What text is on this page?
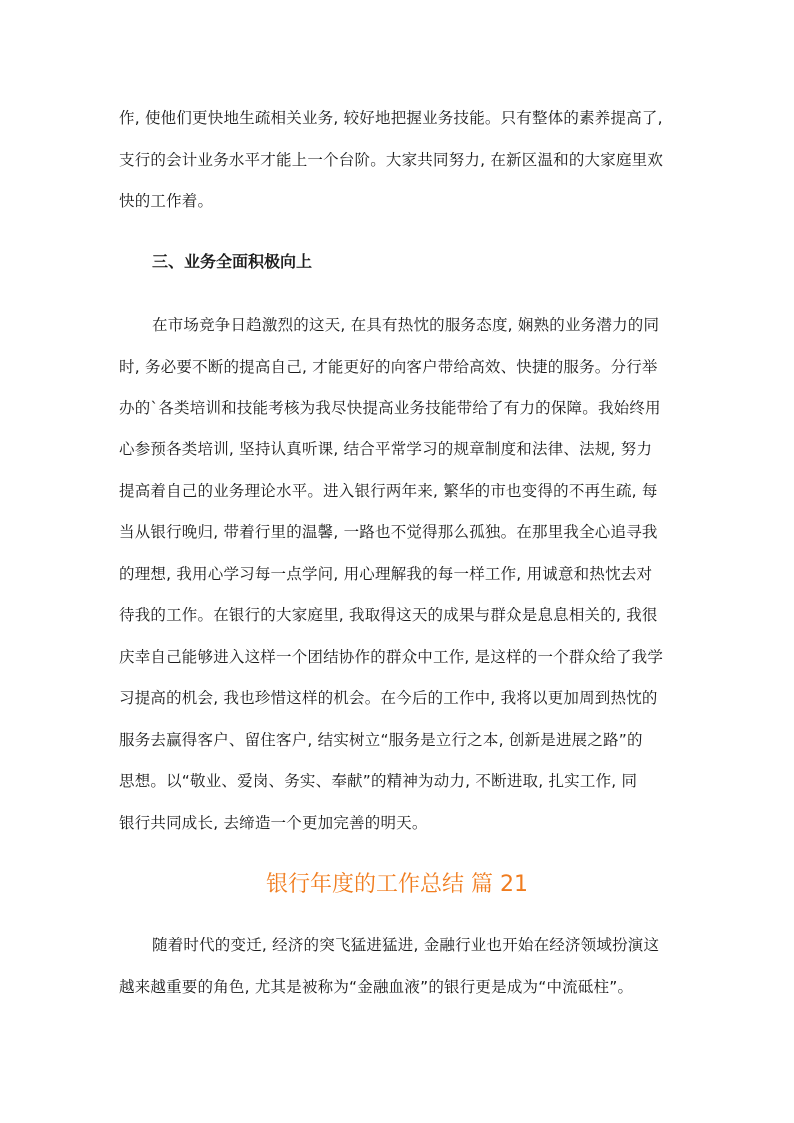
作, 使他们更快地生疏相关业务, 较好地把握业务技能。只有整体的素养提高了,
支行的会计业务水平才能上一个台阶。大家共同努力, 在新区温和的大家庭里欢
快的工作着。
三、业务全面积极向上
在市场竞争日趋激烈的这天, 在具有热忱的服务态度, 娴熟的业务潜力的同
时, 务必要不断的提高自己, 才能更好的向客户带给高效、快捷的服务。分行举
办的`各类培训和技能考核为我尽快提高业务技能带给了有力的保障。我始终用
心参预各类培训, 坚持认真听课, 结合平常学习的规章制度和法律、法规, 努力
提高着自己的业务理论水平。进入银行两年来, 繁华的市也变得的不再生疏, 每
当从银行晚归, 带着行里的温馨, 一路也不觉得那么孤独。在那里我全心追寻我
的理想, 我用心学习每一点学问, 用心理解我的每一样工作, 用诚意和热忱去对
待我的工作。在银行的大家庭里, 我取得这天的成果与群众是息息相关的, 我很
庆幸自己能够进入这样一个团结协作的群众中工作, 是这样的一个群众给了我学
习提高的机会, 我也珍惜这样的机会。在今后的工作中, 我将以更加周到热忱的
服务去赢得客户、留住客户, 结实树立“服务是立行之本, 创新是进展之路”的
思想。以“敬业、爱岗、务实、奉献”的精神为动力, 不断进取, 扎实工作, 同
银行共同成长, 去缔造一个更加完善的明天。
银行年度的工作总结 篇 21
随着时代的变迁, 经济的突飞猛进猛进, 金融行业也开始在经济领域扮演这
越来越重要的角色, 尤其是被称为“金融血液”的银行更是成为“中流砥柱”。
